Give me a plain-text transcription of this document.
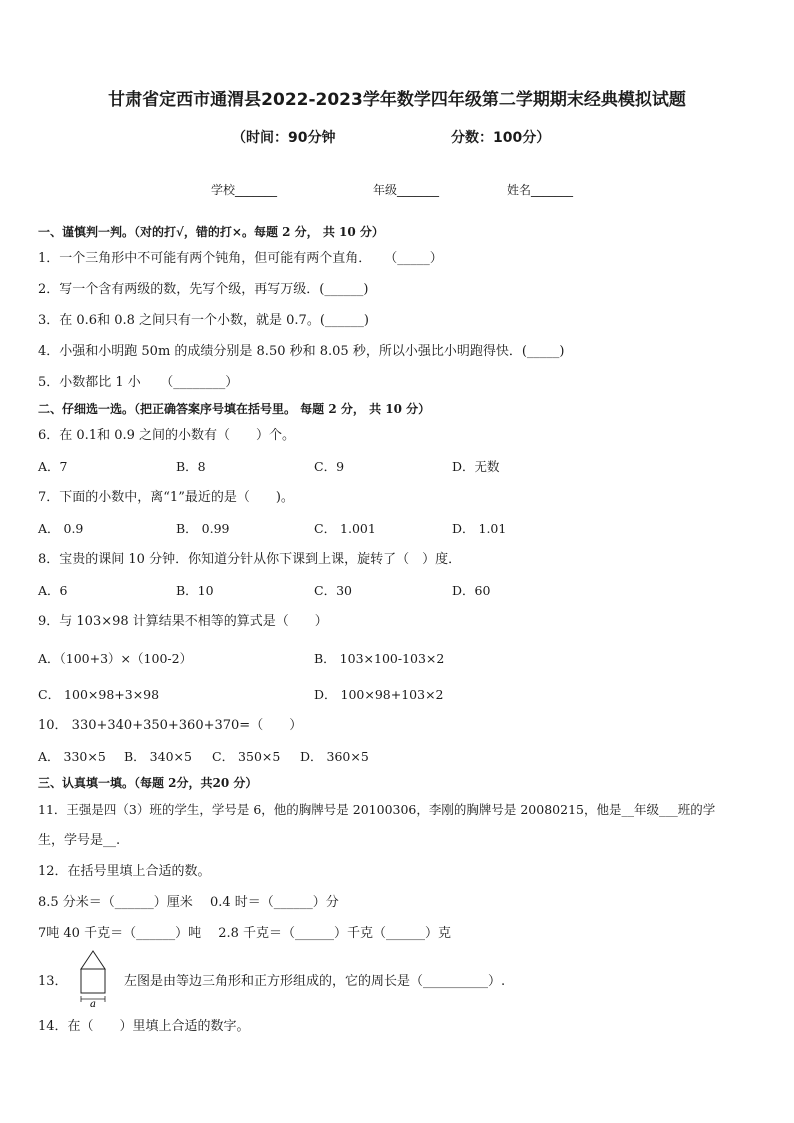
甘肃省定西市通渭县2022-2023学年数学四年级第二学期期末经典模拟试题
（时间：90分钟	分数：100分）
学校_______	年级_______	姓名_______
一、谨慎判一判。（对的打√，错的打×。每题 2 分， 共 10 分）
1．一个三角形中不可能有两个钝角，但可能有两个直角．　　（_____）
2．写一个含有两级的数，先写个级，再写万级．(______)
3．在 0.6和 0.8 之间只有一个小数，就是 0.7。(______)
4．小强和小明跑 50m 的成绩分别是 8.50 秒和 8.05 秒，所以小强比小明跑得快．(_____)
5．小数都比 1 小　　（________）
二、仔细选一选。（把正确答案序号填在括号里。 每题 2 分， 共 10 分）
6．在 0.1和 0.9 之间的小数有（　　）个。
A．7	B．8	C．9	D．无数
7．下面的小数中，离“1”最近的是（　　)。
A． 0.9	B． 0.99	C． 1.001	D． 1.01
8．宝贵的课间 10 分钟．你知道分针从你下课到上课，旋转了（　）度．
A．6	B．10	C．30	D．60
9．与 103×98 计算结果不相等的算式是（　　）
A．（100+3）×（100-2）	B． 103×100-103×2
C． 100×98+3×98	D． 100×98+103×2
10． 330+340+350+360+370=（　　）
A． 330×5 B． 340×5 C． 350×5 D． 360×5
三、认真填一填。（每题 2分，共20 分）
11．王强是四（3）班的学生，学号是 6，他的胸牌号是 20100306，李刚的胸牌号是 20080215，他是__年级___班的学
生，学号是__.
12．在括号里填上合适的数。
8.5 分米＝（______）厘米　 0.4 时＝（______）分
7吨 40 千克＝（______）吨　 2.8 千克＝（______）千克（______）克
13．
a
左图是由等边三角形和正方形组成的，它的周长是（__________）.
14．在（　　）里填上合适的数字。
